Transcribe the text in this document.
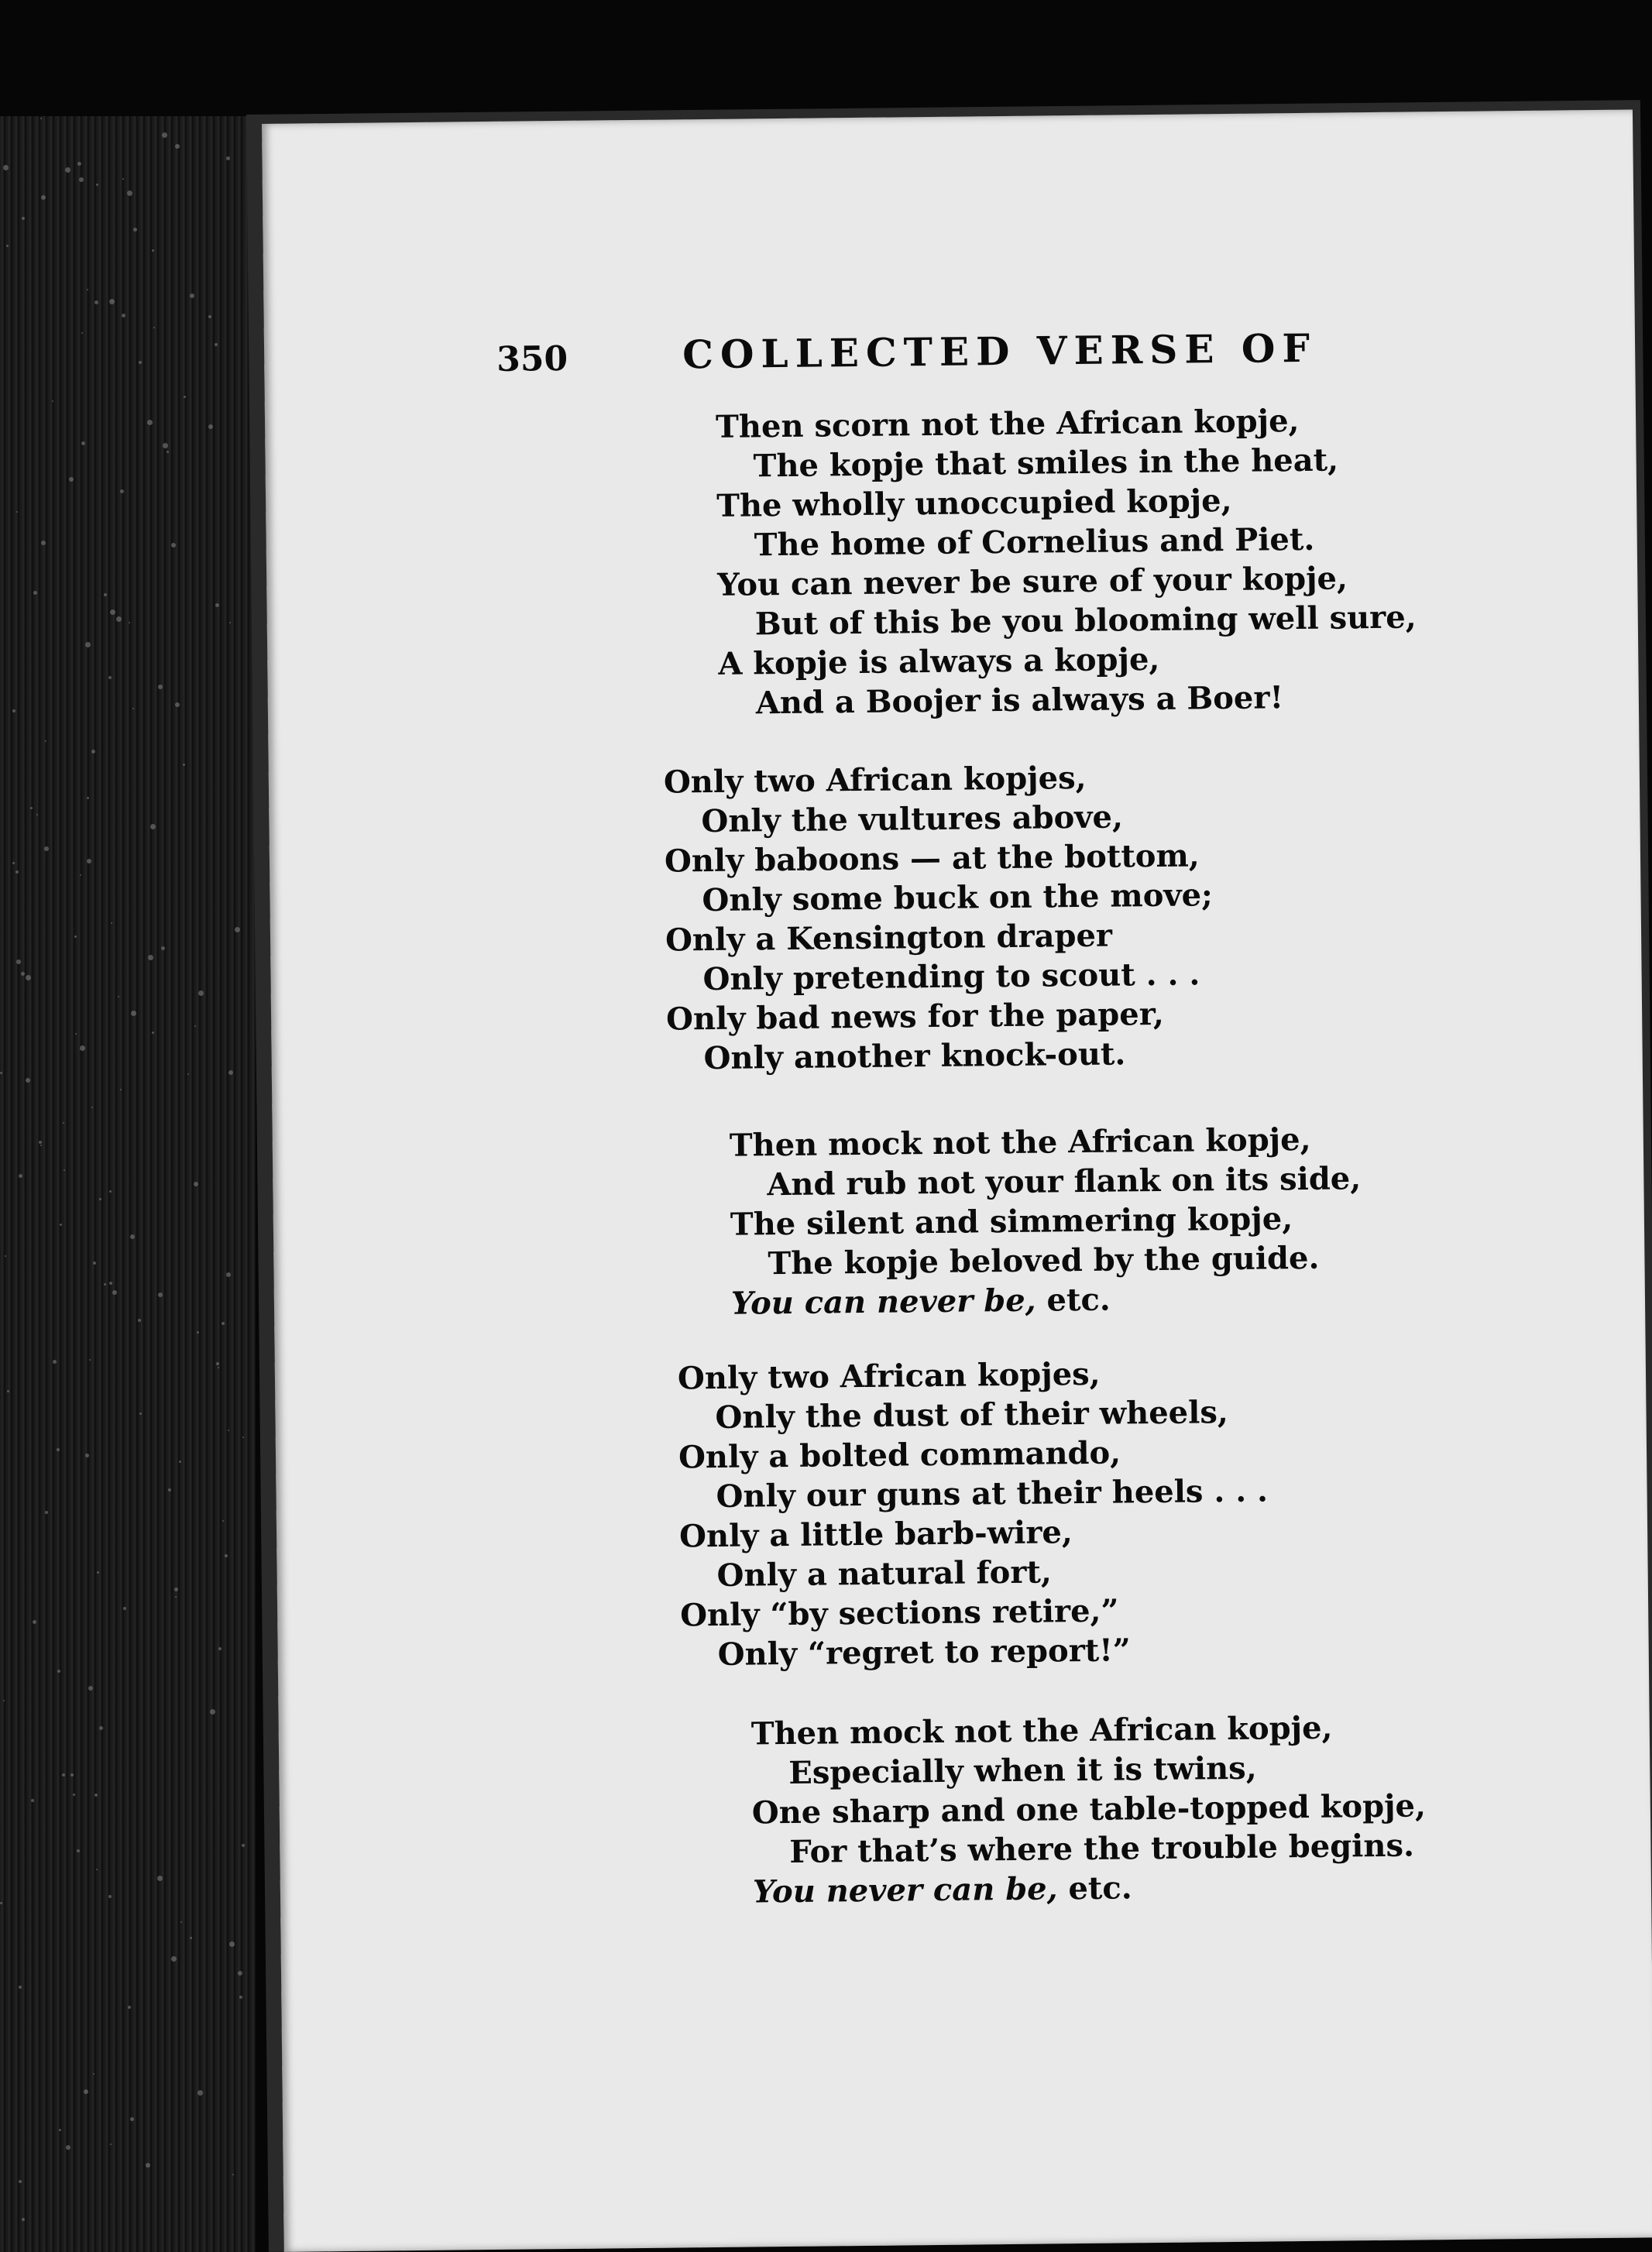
350	COLLECTED VERSE OF
Then scorn not the African kopje,
The kopje that smiles in the heat,
The wholly unoccupied kopje,
The home of Cornelius and Piet.
You can never be sure of your kopje,
But of this be you blooming well sure,
A kopje is always a kopje,
And a Boojer is always a Boer!
Only two African kopjes,
Only the vultures above,
Only baboons — at the bottom,
Only some buck on the move;
Only a Kensington draper
Only pretending to scout . . .
Only bad news for the paper,
Only another knock-out.
Then mock not the African kopje,
And rub not your flank on its side,
The silent and simmering kopje,
The kopje beloved by the guide.
You can never be, etc.
Only two African kopjes,
Only the dust of their wheels,
Only a bolted commando,
Only our guns at their heels . . .
Only a little barb-wire,
Only a natural fort,
Only “by sections retire,”
Only “regret to report!”
Then mock not the African kopje,
Especially when it is twins,
One sharp and one table-topped kopje,
For that’s where the trouble begins.
You never can be, etc.
